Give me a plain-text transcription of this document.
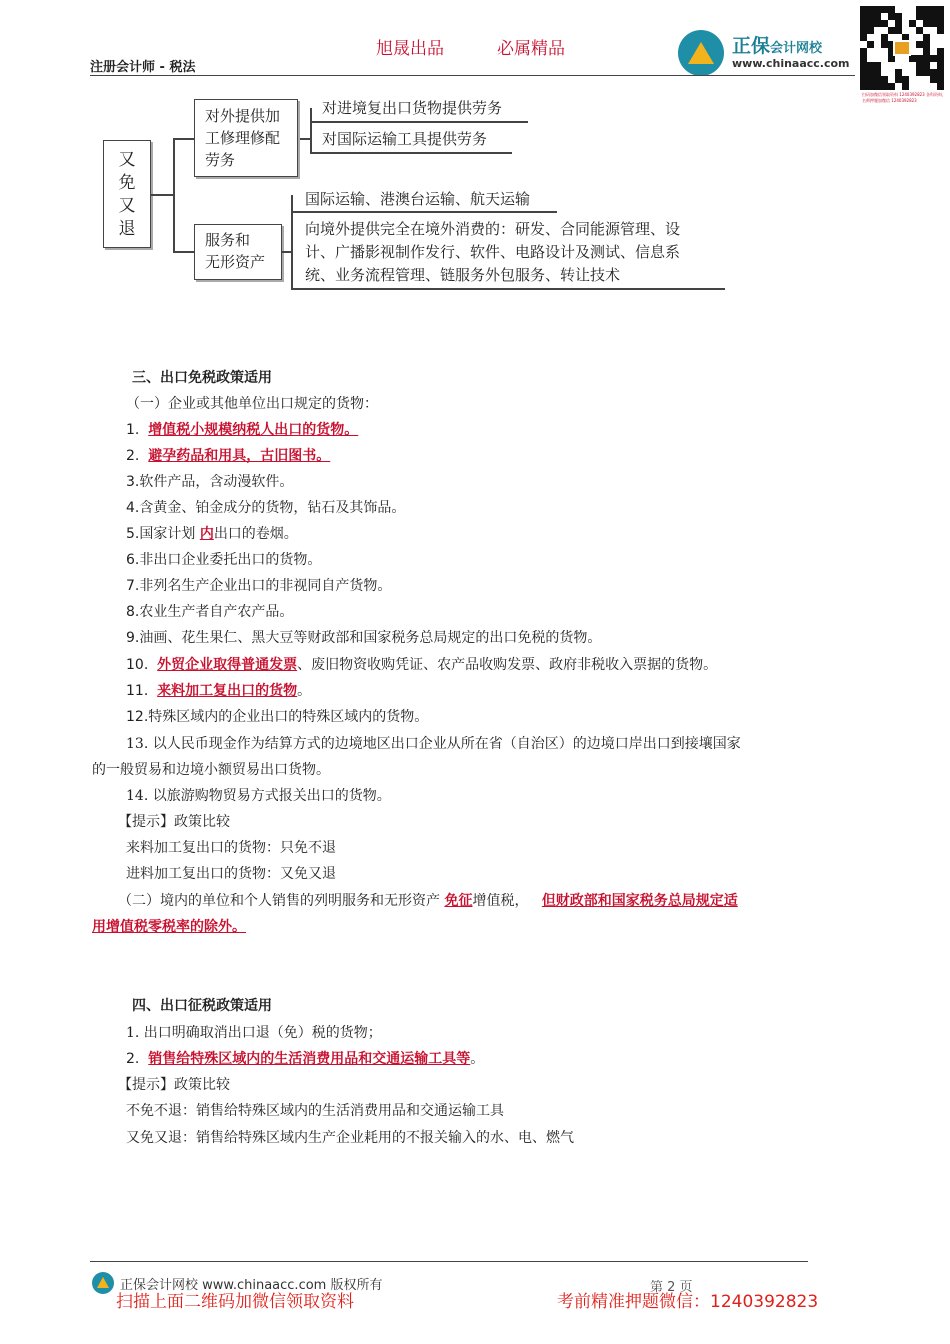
旭晟出品	必属精品
注册会计师 - 税法
正保会计网校
www.chinaacc.com
扫码加微信领取资料 1240392823 各科资料，名师押题加微信 1240392823
又
免
又
退
对外提供加
工修理修配
劳务
对进境复出口货物提供劳务
对国际运输工具提供劳务
服务和
无形资产
国际运输、港澳台运输、航天运输
向境外提供完全在境外消费的：研发、合同能源管理、设
计、广播影视制作发行、软件、电路设计及测试、信息系
统、业务流程管理、链服务外包服务、转让技术
三、出口免税政策适用
（一）企业或其他单位出口规定的货物：
1. 增值税小规模纳税人出口的货物。
2. 避孕药品和用具，古旧图书。
3.软件产品，含动漫软件。
4.含黄金、铂金成分的货物，钻石及其饰品。
5.国家计划 内出口的卷烟。
6.非出口企业委托出口的货物。
7.非列名生产企业出口的非视同自产货物。
8.农业生产者自产农产品。
9.油画、花生果仁、黑大豆等财政部和国家税务总局规定的出口免税的货物。
10. 外贸企业取得普通发票、废旧物资收购凭证、农产品收购发票、政府非税收入票据的货物。
11. 来料加工复出口的货物。
12.特殊区域内的企业出口的特殊区域内的货物。
13. 以人民币现金作为结算方式的边境地区出口企业从所在省（自治区）的边境口岸出口到接壤国家
的一般贸易和边境小额贸易出口货物。
14. 以旅游购物贸易方式报关出口的货物。
【提示】政策比较
来料加工复出口的货物：只免不退
进料加工复出口的货物：又免又退
（二）境内的单位和个人销售的列明服务和无形资产 免征增值税， 但财政部和国家税务总局规定适
用增值税零税率的除外。
四、出口征税政策适用
1. 出口明确取消出口退（免）税的货物；
2. 销售给特殊区域内的生活消费用品和交通运输工具等。
【提示】政策比较
不免不退：销售给特殊区域内的生活消费用品和交通运输工具
又免又退：销售给特殊区域内生产企业耗用的不报关输入的水、电、燃气
正保会计网校 www.chinaacc.com 版权所有	第 2 页
扫描上面二维码加微信领取资料	考前精准押题微信：1240392823
